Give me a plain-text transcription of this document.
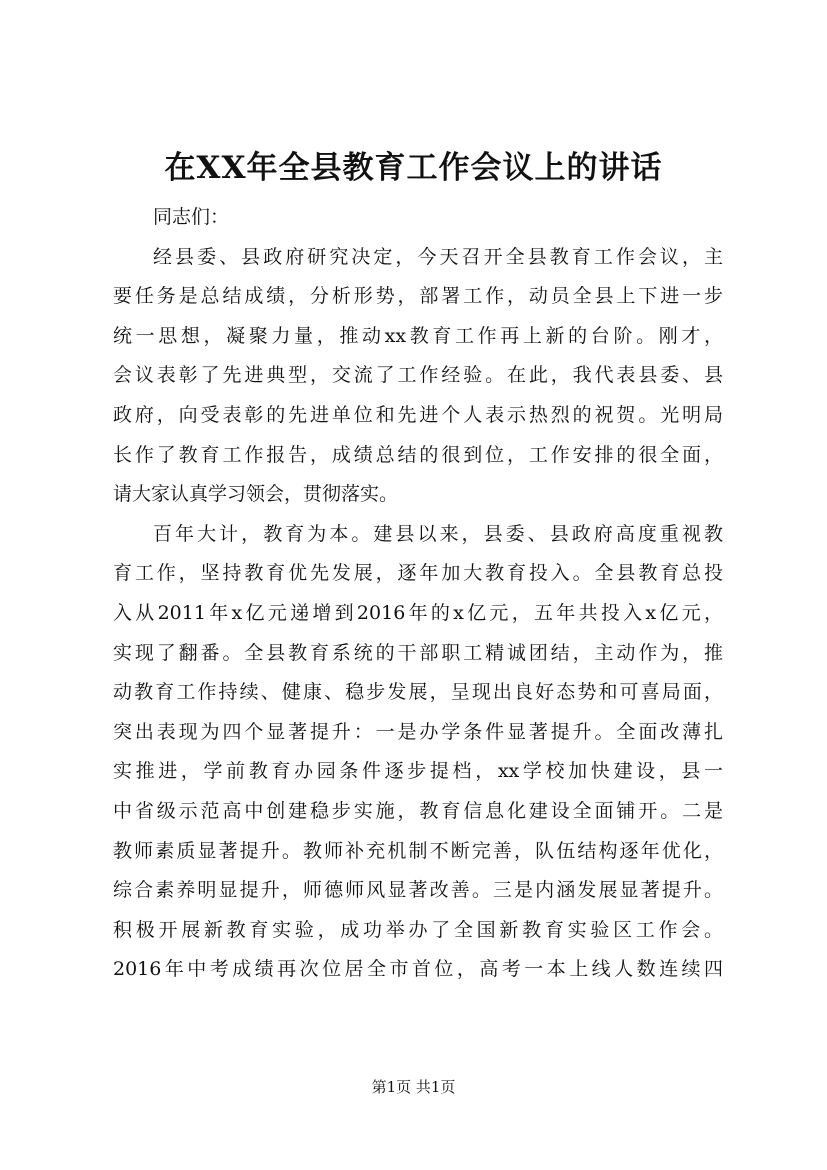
在XX年全县教育工作会议上的讲话
同志们：
经县委、县政府研究决定，今天召开全县教育工作会议，主
要任务是总结成绩，分析形势，部署工作，动员全县上下进一步
统一思想，凝聚力量，推动xx教育工作再上新的台阶。刚才，
会议表彰了先进典型，交流了工作经验。在此，我代表县委、县
政府，向受表彰的先进单位和先进个人表示热烈的祝贺。光明局
长作了教育工作报告，成绩总结的很到位，工作安排的很全面，
请大家认真学习领会，贯彻落实。
百年大计，教育为本。建县以来，县委、县政府高度重视教
育工作，坚持教育优先发展，逐年加大教育投入。全县教育总投
入从2011年x亿元递增到2016年的x亿元，五年共投入x亿元，
实现了翻番。全县教育系统的干部职工精诚团结，主动作为，推
动教育工作持续、健康、稳步发展，呈现出良好态势和可喜局面，
突出表现为四个显著提升：一是办学条件显著提升。全面改薄扎
实推进，学前教育办园条件逐步提档，xx学校加快建设，县一
中省级示范高中创建稳步实施，教育信息化建设全面铺开。二是
教师素质显著提升。教师补充机制不断完善，队伍结构逐年优化，
综合素养明显提升，师德师风显著改善。三是内涵发展显著提升。
积极开展新教育实验，成功举办了全国新教育实验区工作会。
2016年中考成绩再次位居全市首位，高考一本上线人数连续四
第1页 共1页
